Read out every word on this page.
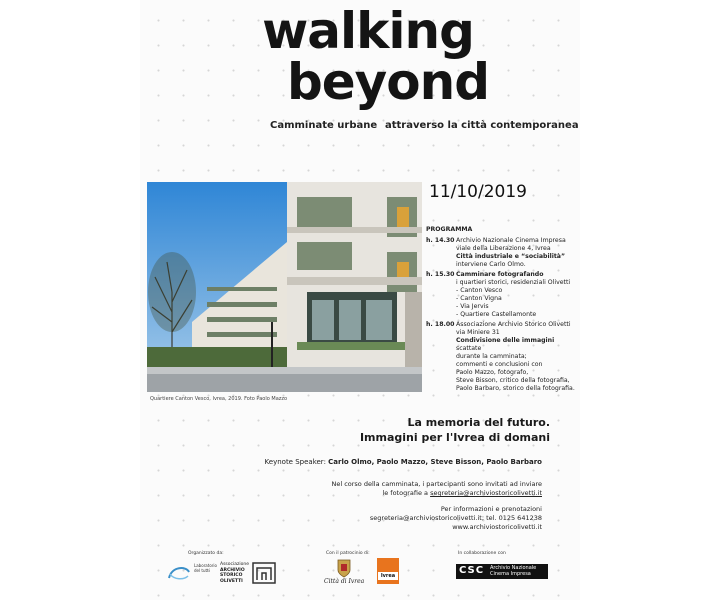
walking
beyond
Camminate urbane attraverso la città contemporanea
11/10/2019
Quartiere Canton Vesco, Ivrea, 2019. Foto Paolo Mazzo
PROGRAMMA
h. 14.30 Archivio Nazionale Cinema Impresa
viale della Liberazione 4, Ivrea
Città industriale e “sociabilità”
interviene Carlo Olmo.
h. 15.30 Camminare fotografando
i quartieri storici, residenziali Olivetti
- Canton Vesco
- Canton Vigna
- Via Jervis
- Quartiere Castellamonte
h. 18.00 Associazione Archivio Storico Olivetti
via Miniere 31
Condivisione delle immagini scattate
durante la camminata;
commenti e conclusioni con
Paolo Mazzo, fotografo,
Steve Bisson, critico della fotografia,
Paolo Barbaro, storico della fotografia.
La memoria del futuro.
Immagini per l'Ivrea di domani
Keynote Speaker: Carlo Olmo, Paolo Mazzo, Steve Bisson, Paolo Barbaro
Nel corso della camminata, i partecipanti sono invitati ad inviare
le fotografie a segreteria@archiviostoricolivetti.it
Per informazioni e prenotazioni
segreteria@archiviostoricolivetti.it; tel. 0125 641238
www.archiviostoricolivetti.it
Organizzato da:	Con il patrocinio di:	In collaborazione con
Laboratorio
del tutti
Associazione
ARCHIVIO
STORICO
OLIVETTI	Città di Ivrea
Ivrea	CSC Archivio Nazionale
Cinema Impresa
